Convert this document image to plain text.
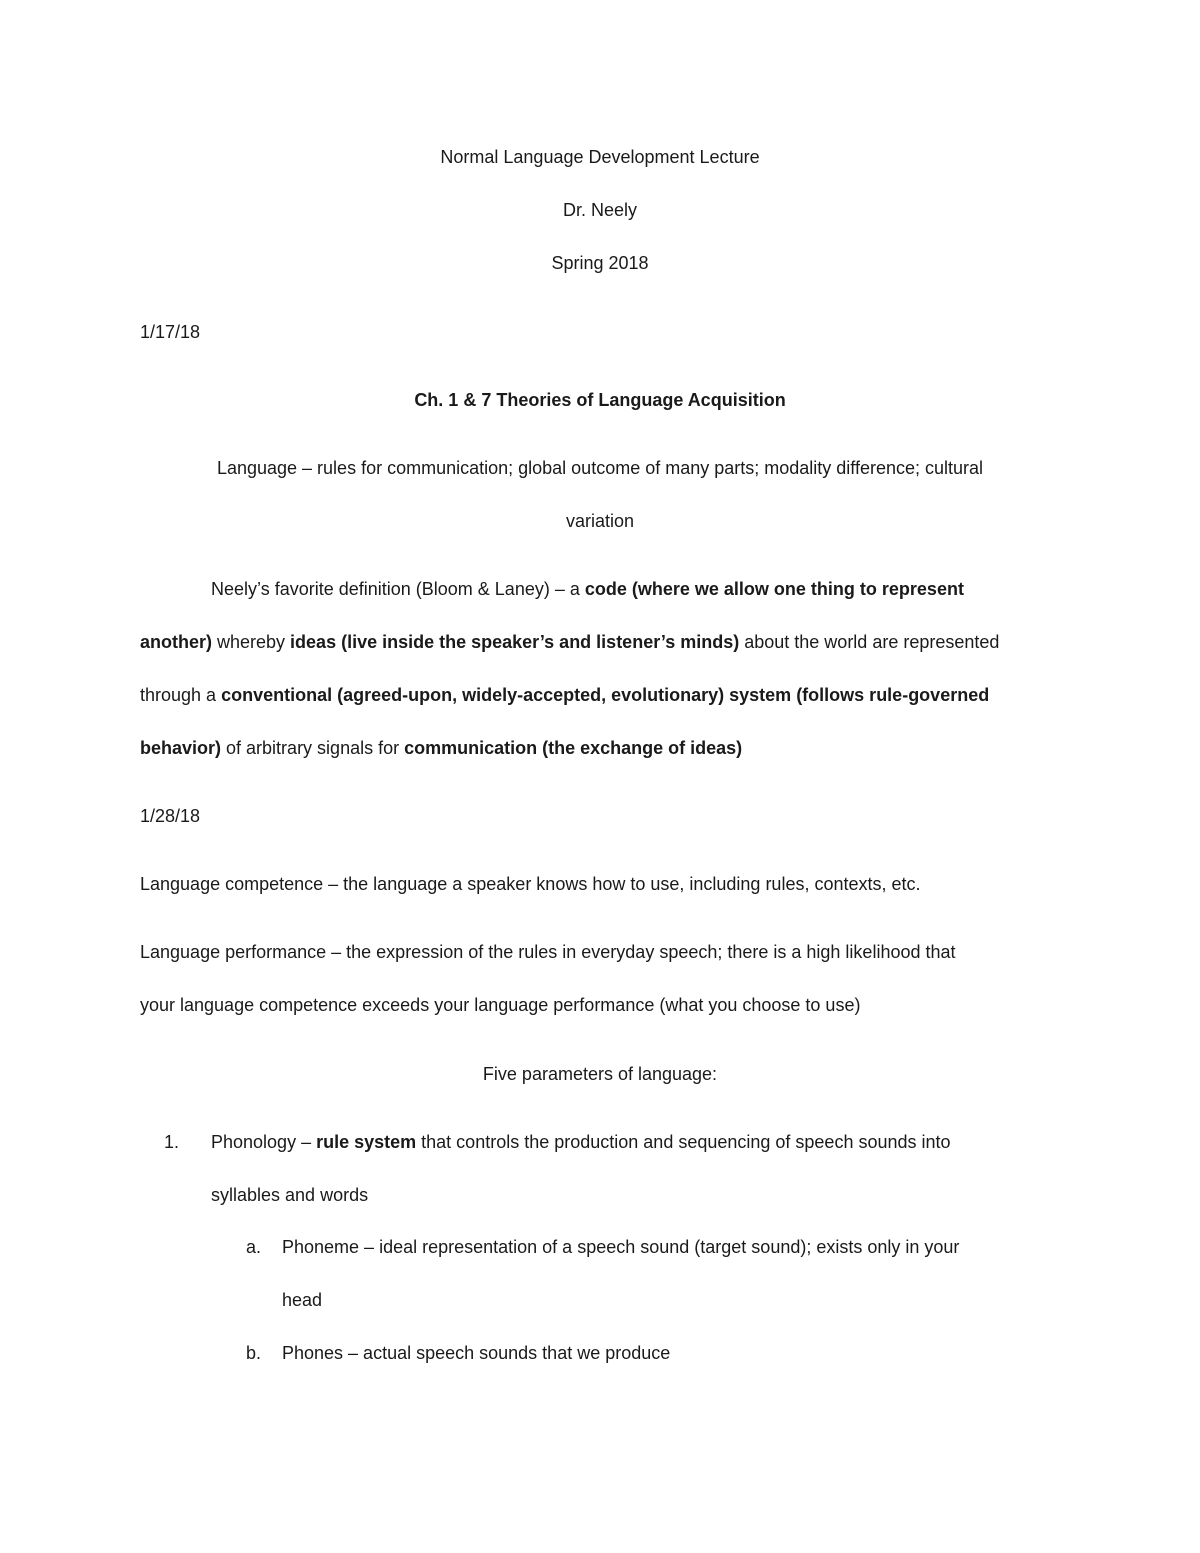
Normal Language Development Lecture
Dr. Neely
Spring 2018
1/17/18
Ch. 1 & 7 Theories of Language Acquisition
Language – rules for communication; global outcome of many parts; modality difference; cultural
variation
Neely’s favorite definition (Bloom & Laney) – a code (where we allow one thing to represent
another) whereby ideas (live inside the speaker’s and listener’s minds) about the world are represented
through a conventional (agreed-upon, widely-accepted, evolutionary) system (follows rule-governed
behavior) of arbitrary signals for communication (the exchange of ideas)
1/28/18
Language competence – the language a speaker knows how to use, including rules, contexts, etc.
Language performance – the expression of the rules in everyday speech; there is a high likelihood that
your language competence exceeds your language performance (what you choose to use)
Five parameters of language:
1. Phonology – rule system that controls the production and sequencing of speech sounds into
syllables and words
a. Phoneme – ideal representation of a speech sound (target sound); exists only in your
head
b. Phones – actual speech sounds that we produce
